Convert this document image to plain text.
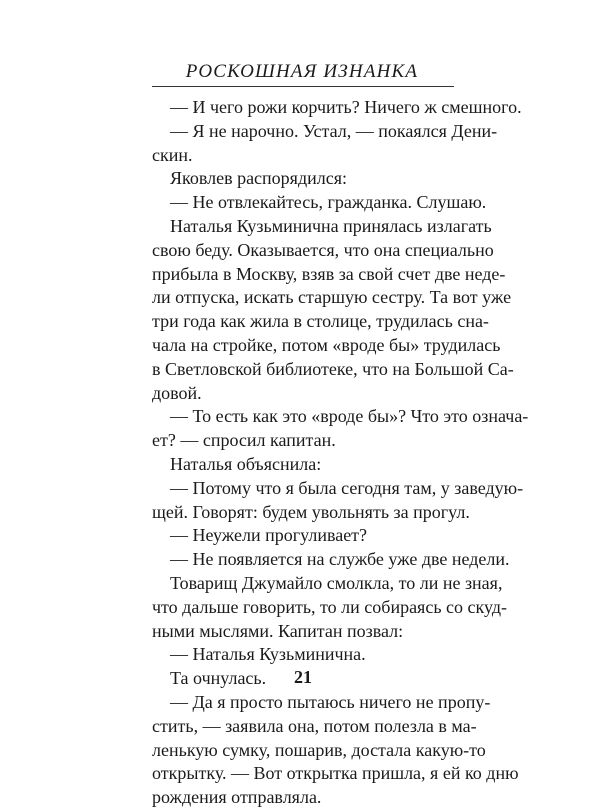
РОСКОШНАЯ ИЗНАНКА
— И чего рожи корчить? Ничего ж смешного.
— Я не нарочно. Устал, — покаялся Дени-
скин.
Яковлев распорядился:
— Не отвлекайтесь, гражданка. Слушаю.
Наталья Кузьминична принялась излагать
свою беду. Оказывается, что она специально
прибыла в Москву, взяв за свой счет две неде-
ли отпуска, искать старшую сестру. Та вот уже
три года как жила в столице, трудилась сна-
чала на стройке, потом «вроде бы» трудилась
в Светловской библиотеке, что на Большой Са-
довой.
— То есть как это «вроде бы»? Что это означа-
ет? — спросил капитан.
Наталья объяснила:
— Потому что я была сегодня там, у заведую-
щей. Говорят: будем увольнять за прогул.
— Неужели прогуливает?
— Не появляется на службе уже две недели.
Товарищ Джумайло смолкла, то ли не зная,
что дальше говорить, то ли собираясь со скуд-
ными мыслями. Капитан позвал:
— Наталья Кузьминична.
Та очнулась.
— Да я просто пытаюсь ничего не пропу-
стить, — заявила она, потом полезла в ма-
ленькую сумку, пошарив, достала какую-то
открытку. — Вот открытка пришла, я ей ко дню
рождения отправляла.
21
